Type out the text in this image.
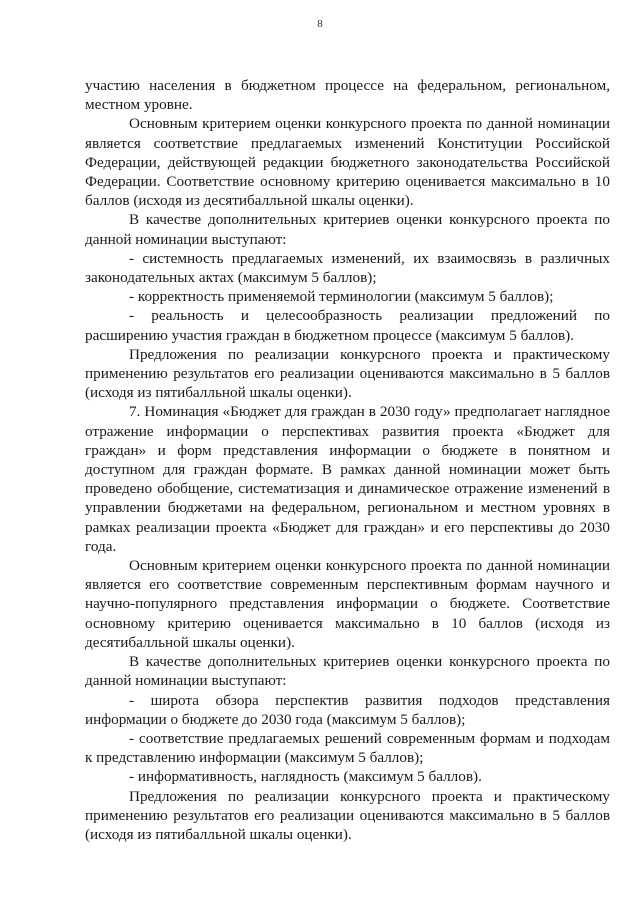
8

участию населения в бюджетном процессе на федеральном, региональном, местном уровне.

Основным критерием оценки конкурсного проекта по данной номинации является соответствие предлагаемых изменений Конституции Российской Федерации, действующей редакции бюджетного законодательства Российской Федерации. Соответствие основному критерию оценивается максимально в 10 баллов (исходя из десятибалльной шкалы оценки).

В качестве дополнительных критериев оценки конкурсного проекта по данной номинации выступают:

- системность предлагаемых изменений, их взаимосвязь в различных законодательных актах (максимум 5 баллов);

- корректность применяемой терминологии (максимум 5 баллов);

- реальность и целесообразность реализации предложений по расширению участия граждан в бюджетном процессе (максимум 5 баллов).

Предложения по реализации конкурсного проекта и практическому применению результатов его реализации оцениваются максимально в 5 баллов (исходя из пятибалльной шкалы оценки).

7. Номинация «Бюджет для граждан в 2030 году» предполагает наглядное отражение информации о перспективах развития проекта «Бюджет для граждан» и форм представления информации о бюджете в понятном и доступном для граждан формате. В рамках данной номинации может быть проведено обобщение, систематизация и динамическое отражение изменений в управлении бюджетами на федеральном, региональном и местном уровнях в рамках реализации проекта «Бюджет для граждан» и его перспективы до 2030 года.

Основным критерием оценки конкурсного проекта по данной номинации является его соответствие современным перспективным формам научного и научно-популярного представления информации о бюджете. Соответствие основному критерию оценивается максимально в 10 баллов (исходя из десятибалльной шкалы оценки).

В качестве дополнительных критериев оценки конкурсного проекта по данной номинации выступают:

- широта обзора перспектив развития подходов представления информации о бюджете до 2030 года (максимум 5 баллов);

- соответствие предлагаемых решений современным формам и подходам к представлению информации (максимум 5 баллов);

- информативность, наглядность (максимум 5 баллов).

Предложения по реализации конкурсного проекта и практическому применению результатов его реализации оцениваются максимально в 5 баллов (исходя из пятибалльной шкалы оценки).
